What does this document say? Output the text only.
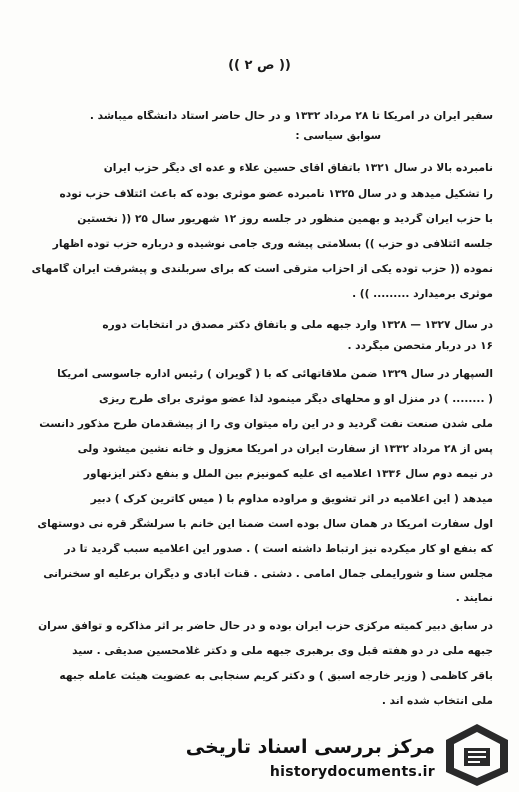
(( ص ۲ ))
سفیر ایران در آمریکا تا ۲۸ مرداد ۱۳۳۲ و در حال حاضر استاد دانشگاه میباشد .
سوابق سیاسی :
نامبرده بالا در سال ۱۳۲۱ باتفاق آقای حسین علاء و عده ای دیگر حزب ایران
را تشکیل میدهد و در سال ۱۳۲۵ نامبرده عضو موثری بوده که باعث ائتلاف حزب توده
با حزب ایران گردید و بهمین منظور در جلسه روز ۱۲ شهریور سال ۲۵ (( نخستین
جلسه ائتلافی دو حزب )) بسلامتی پیشه وری جامی نوشیده و درباره حزب توده اظهار
نموده (( حزب توده یکی از احزاب مترقی است که برای سربلندی و پیشرفت ایران گامهای
موثری برمیدارد ......... )) .
در سال ۱۳۲۷ — ۱۳۲۸ وارد جبهه ملی و باتفاق دکتر مصدق در انتخابات دوره
۱۶ در دربار متحصن میگردد .
السپهار در سال ۱۳۲۹ ضمن ملاقاتهائی که با ( گویران ) رئیس اداره جاسوسی آمریکا
( ........ ) در منزل او و محلهای دیگر مینمود لذا عضو موثری برای طرح ریزی
ملی شدن صنعت نفت گردید و در این راه میتوان وی را از پیشقدمان طرح مذکور دانست
پس از ۲۸ مرداد ۱۳۳۲ از سفارت ایران در آمریکا معزول و خانه نشین میشود ولی
در نیمه دوم سال ۱۳۳۶ اعلامیه ای علیه کمونیزم بین الملل و بنفع دکتر آیزنهاور
میدهد ( این اعلامیه در اثر تشویق و مراوده مداوم با ( میس کاترین کرک ) دبیر
اول سفارت آمریکا در همان سال بوده است ضمناً این خانم با سرلشگر قره نی دوستهای
که بنفع او کار میکرده نیز ارتباط داشته است ) . صدور این اعلامیه سبب گردید تا در
مجلس سنا و شورایملی جمال امامی . دشتی . قنات آبادی و دیگران برعلیه او سخنرانی
نمایند .
در سابق دبیر کمیته مرکزی حزب ایران بوده و در حال حاضر بر اثر مذاکره و توافق سران
جبهه ملی در دو هفته قبل وی برهبری جبهه ملی و دکتر غلامحسین صدیقی . سید
باقر کاظمی ( وزیر خارجه اسبق ) و دکتر کریم سنجابی به عضویت هیئت عامله جبهه
ملی انتخاب شده اند .
مرکز بررسی اسناد تاریخی
historydocuments.ir
